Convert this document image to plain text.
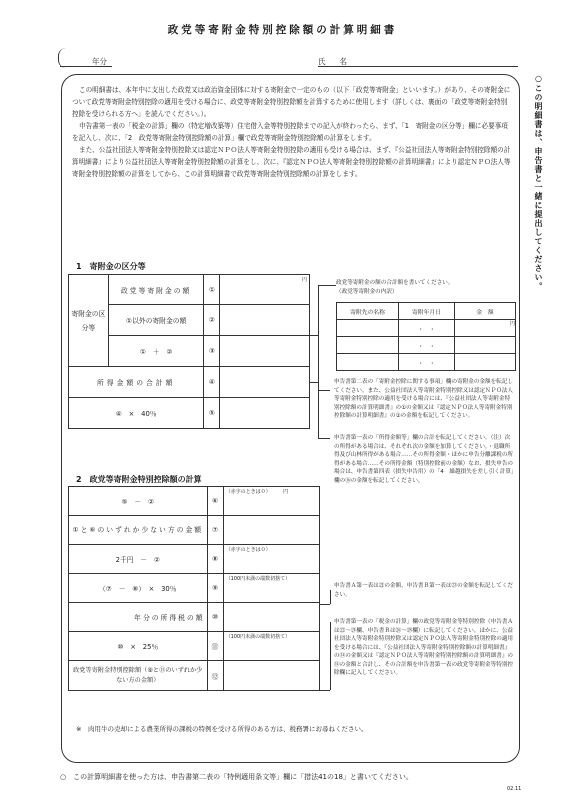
政党等寄附金特別控除額の計算明細書
年分	氏名
○この明細書は、申告書と一緒に提出してください。

この明細書は、本年中に支出した政党又は政治資金団体に対する寄附金で一定のもの（以下「政党等寄附金」といいます。）があり、その寄附金について政党等寄附金特別控除の適用を受ける場合に、政党等寄附金特別控除額を計算するために使用します（詳しくは、裏面の「政党等寄附金特別控除を受けられる方へ」を読んでください。）。

申告書第一表の「税金の計算」欄の（特定増改築等）住宅借入金等特別控除までの記入が終わったら、まず、「1　寄附金の区分等」欄に必要事項を記入し、次に、「2　政党等寄附金特別控除額の計算」欄で政党等寄附金特別控除額の計算をします。

また、公益社団法人等寄附金特別控除又は認定ＮＰＯ法人等寄附金特別控除の適用も受ける場合は、まず、『公益社団法人等寄附金特別控除額の計算明細書』により公益社団法人等寄附金特別控除額の計算をし、次に、『認定ＮＰＯ法人等寄附金特別控除額の計算明細書』により認定ＮＰＯ法人等寄附金特別控除額の計算をしてから、この計算明細書で政党等寄附金特別控除額の計算をします。

1　寄附金の区分等
寄附金の区分等	政党等寄附金の額	①	円
	①以外の寄附金の額	②	
	①　＋　②	③	
所得金額の合計額		④	
④　×　40％		⑤	
政党等寄附金の額の合計額を書いてください。
（政党等寄附金の内訳）
寄附先の名称	寄附年月日	金　額
	・　・	円
	・　・	
	・　・	
申告書第二表の「寄附金控除に関する事項」欄の寄附金の金額を転記してください。また、公益社団法人等寄附金特別控除又は認定ＮＰＯ法人等寄附金特別控除の適用を受ける場合には、『公益社団法人等寄附金特別控除額の計算明細書』の①の金額又は『認定ＮＰＯ法人等寄附金特別控除額の計算明細書』の①の金額を転記してください。
申告書第一表の「所得金額等」欄の合計を転記してください。（注）次の所得がある場合は、それぞれ次の金額を加算してください。・退職所得及び山林所得がある場合……その所得金額・ほかに申告分離課税の所得がある場合……その所得金額（特別控除前の金額）なお、損失申告の場合は、申告書第四表（損失申告用）の「4　繰越損失を差し引く計算」欄の⑯の金額を転記してください。
2　政党等寄附金特別控除額の計算
⑤　－　②	⑥	（赤字のときは０）　　　円
①と⑥のいずれか少ない方の金額	⑦	
2千円　－　②	⑧	（赤字のときは０）
（⑦　－　⑧）　×　30％	⑨	（100円未満の端数切捨て）
年分の所得税の額	⑩	
⑩　×　25％	⑪	（100円未満の端数切捨て）
政党等寄附金特別控除額（⑨と⑪のいずれか少ない方の金額）	⑫	
申告書Ａ第一表は㉑の金額、申告書Ｂ第一表は㉓の金額を転記してください。
申告書第一表の「税金の計算」欄の政党等寄附金等特別控除（申告書Ａは㉒～㉔欄、申告書Ｂは㉖～㉘欄）に転記してください。ほかに、公益社団法人等寄附金特別控除又は認定ＮＰＯ法人等寄附金特別控除の適用を受ける場合には、『公益社団法人等寄附金特別控除額の計算明細書』の⑭の金額又は『認定ＮＰＯ法人等寄附金特別控除額の計算明細書』の⑭の金額と合計し、その合計額を申告書第一表の政党等寄附金等特別控除欄に記入してください。
※　肉用牛の売却による農業所得の課税の特例を受ける所得のある方は、税務署にお尋ねください。
○　この計算明細書を使った方は、申告書第二表の「特例適用条文等」欄に「措法41の18」と書いてください。
02.11
